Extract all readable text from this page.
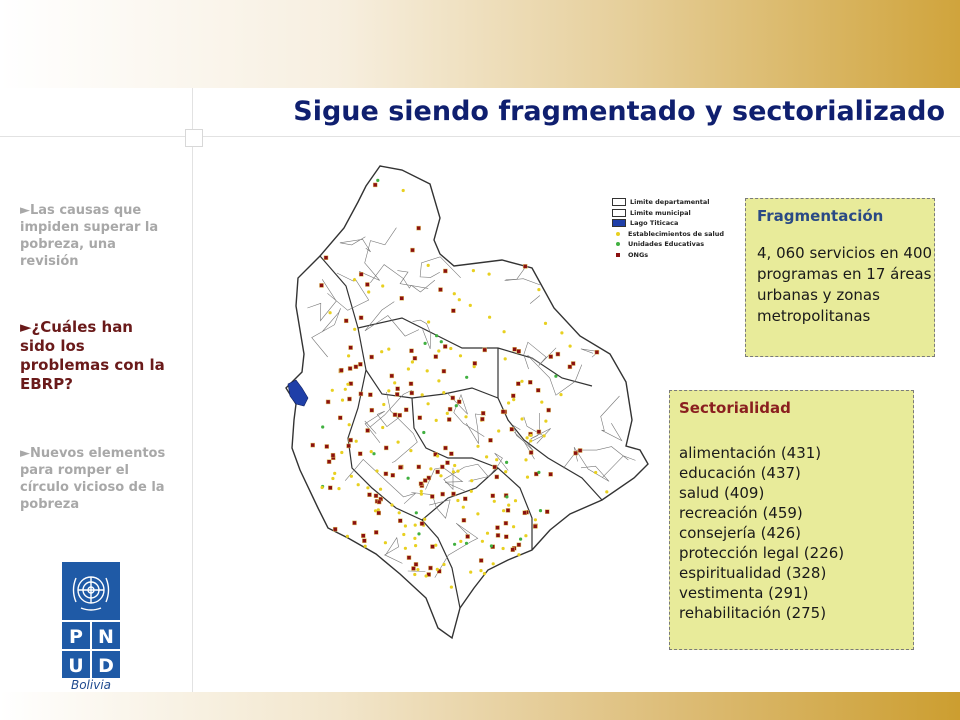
Sigue siendo fragmentado y sectorializado
►Las causas que impiden superar la pobreza, una revisión
►¿Cuáles han sido los problemas con la EBRP?
►Nuevos elementos para romper el círculo vicioso de la pobreza
P N
U D
Bolivia
Limite departamental
Limite municipal
Lago Titicaca
Establecimientos de salud
Unidades Educativas
ONGs
Fragmentación
4, 060 servicios en 400 programas en 17 áreas urbanas y zonas metropolitanas
Sectorialidad
alimentación (431)
educación (437)
salud (409)
recreación (459)
consejería (426)
protección legal (226)
espiritualidad (328)
vestimenta (291)
rehabilitación (275)
